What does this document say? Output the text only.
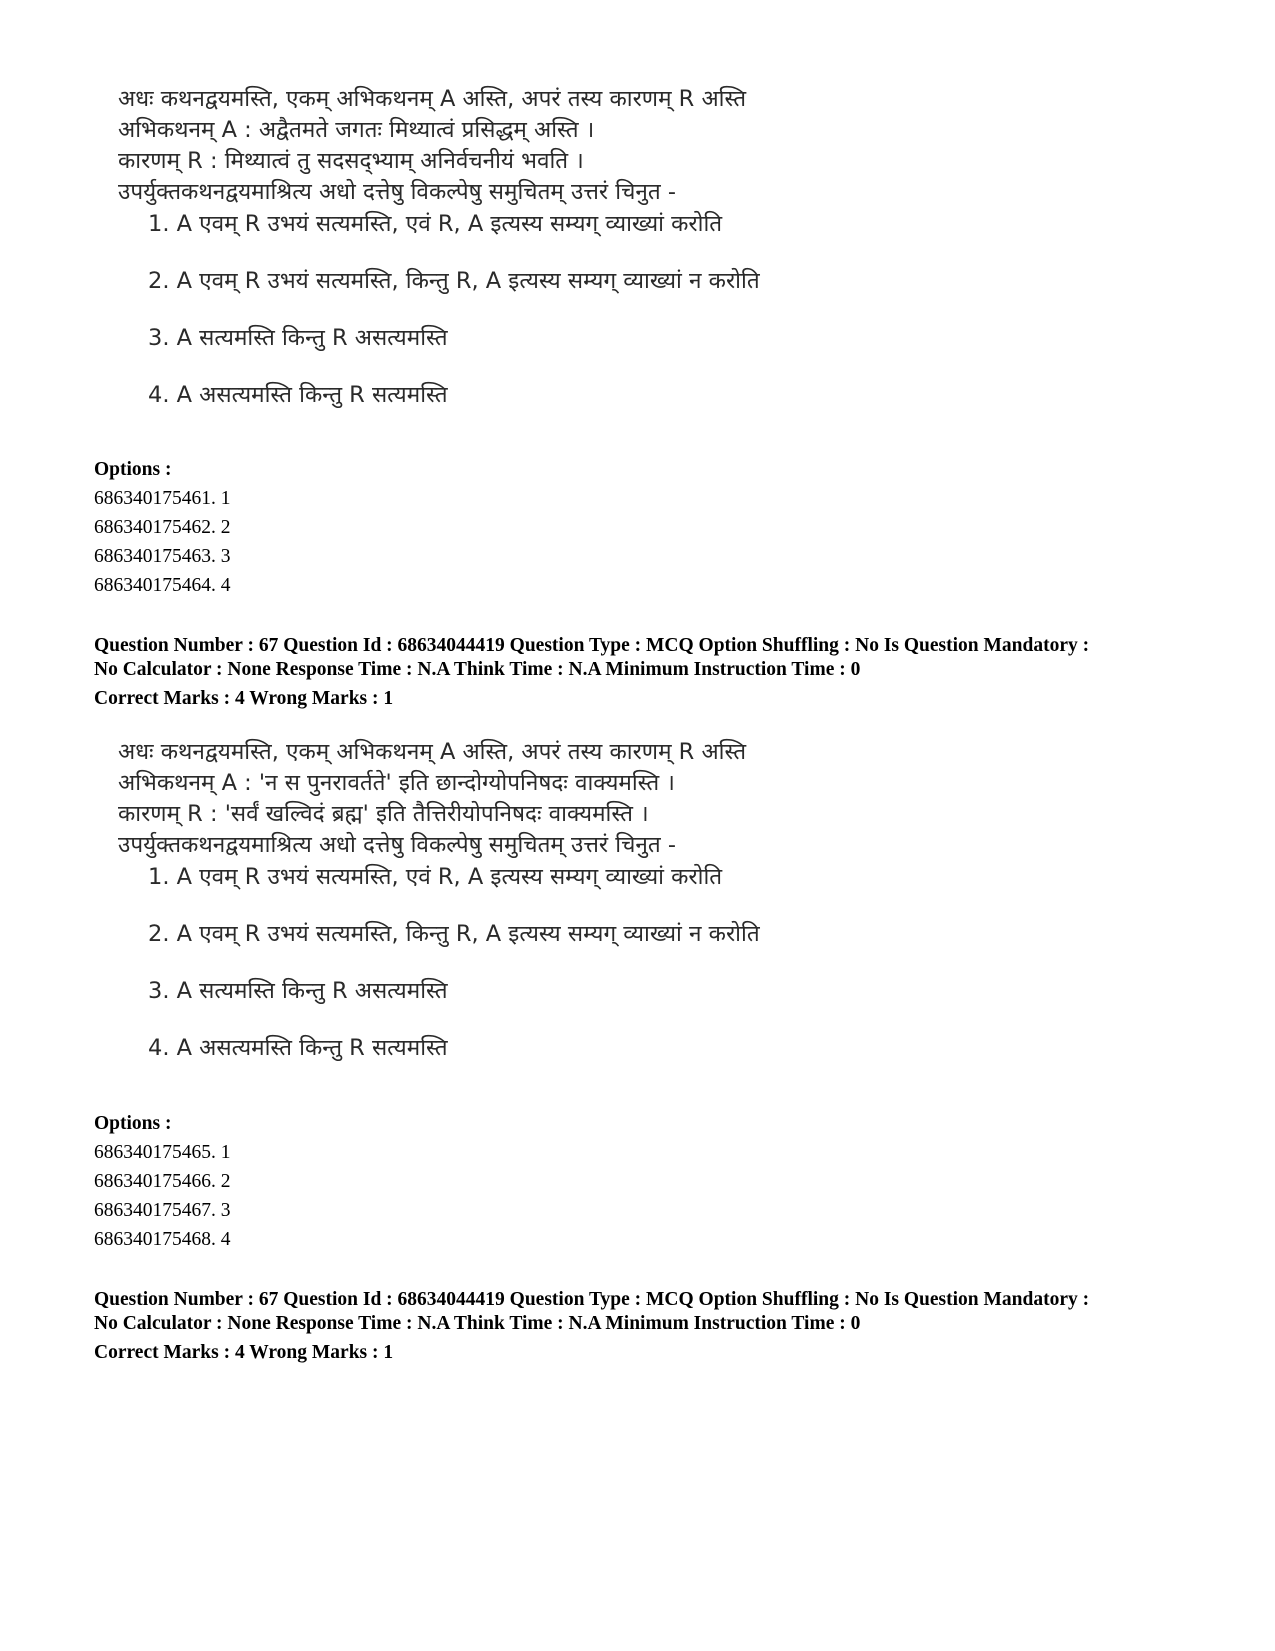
अधः कथनद्वयमस्ति, एकम् अभिकथनम् A अस्ति, अपरं तस्य कारणम् R अस्ति
अभिकथनम् A : अद्वैतमते जगतः मिथ्यात्वं प्रसिद्धम् अस्ति ।
कारणम् R : मिथ्यात्वं तु सदसद्भ्याम् अनिर्वचनीयं भवति ।
उपर्युक्तकथनद्वयमाश्रित्य अधो दत्तेषु विकल्पेषु समुचितम् उत्तरं चिनुत -
1. A एवम् R उभयं सत्यमस्ति, एवं R, A इत्यस्य सम्यग् व्याख्यां करोति
2. A एवम् R उभयं सत्यमस्ति, किन्तु R, A इत्यस्य सम्यग् व्याख्यां न करोति
3. A सत्यमस्ति किन्तु R असत्यमस्ति
4. A असत्यमस्ति किन्तु R सत्यमस्ति
Options :
686340175461. 1
686340175462. 2
686340175463. 3
686340175464. 4
Question Number : 67 Question Id : 68634044419 Question Type : MCQ Option Shuffling : No Is Question Mandatory :
No Calculator : None Response Time : N.A Think Time : N.A Minimum Instruction Time : 0
Correct Marks : 4 Wrong Marks : 1
अधः कथनद्वयमस्ति, एकम् अभिकथनम् A अस्ति, अपरं तस्य कारणम् R अस्ति
अभिकथनम् A : 'न स पुनरावर्तते' इति छान्दोग्योपनिषदः वाक्यमस्ति ।
कारणम् R : 'सर्वं खल्विदं ब्रह्म' इति तैत्तिरीयोपनिषदः वाक्यमस्ति ।
उपर्युक्तकथनद्वयमाश्रित्य अधो दत्तेषु विकल्पेषु समुचितम् उत्तरं चिनुत -
1. A एवम् R उभयं सत्यमस्ति, एवं R, A इत्यस्य सम्यग् व्याख्यां करोति
2. A एवम् R उभयं सत्यमस्ति, किन्तु R, A इत्यस्य सम्यग् व्याख्यां न करोति
3. A सत्यमस्ति किन्तु R असत्यमस्ति
4. A असत्यमस्ति किन्तु R सत्यमस्ति
Options :
686340175465. 1
686340175466. 2
686340175467. 3
686340175468. 4
Question Number : 67 Question Id : 68634044419 Question Type : MCQ Option Shuffling : No Is Question Mandatory :
No Calculator : None Response Time : N.A Think Time : N.A Minimum Instruction Time : 0
Correct Marks : 4 Wrong Marks : 1
